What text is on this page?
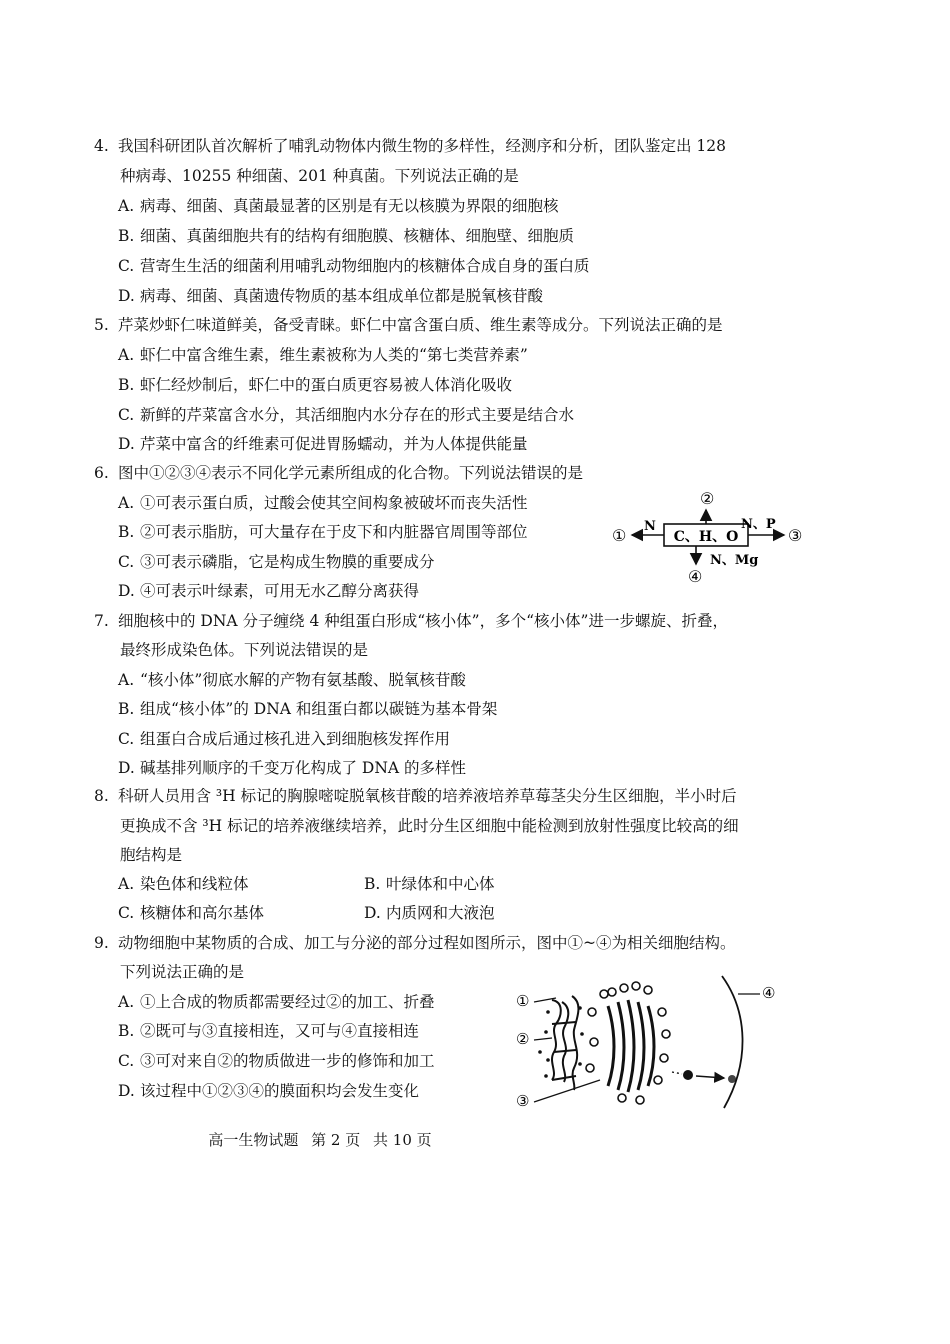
4. 我国科研团队首次解析了哺乳动物体内微生物的多样性，经测序和分析，团队鉴定出 128
种病毒、10255 种细菌、201 种真菌。下列说法正确的是
A. 病毒、细菌、真菌最显著的区别是有无以核膜为界限的细胞核
B. 细菌、真菌细胞共有的结构有细胞膜、核糖体、细胞壁、细胞质
C. 营寄生生活的细菌利用哺乳动物细胞内的核糖体合成自身的蛋白质
D. 病毒、细菌、真菌遗传物质的基本组成单位都是脱氧核苷酸
5. 芹菜炒虾仁味道鲜美，备受青睐。虾仁中富含蛋白质、维生素等成分。下列说法正确的是
A. 虾仁中富含维生素，维生素被称为人类的“第七类营养素”
B. 虾仁经炒制后，虾仁中的蛋白质更容易被人体消化吸收
C. 新鲜的芹菜富含水分，其活细胞内水分存在的形式主要是结合水
D. 芹菜中富含的纤维素可促进胃肠蠕动，并为人体提供能量
6. 图中①②③④表示不同化学元素所组成的化合物。下列说法错误的是
A. ①可表示蛋白质，过酸会使其空间构象被破坏而丧失活性
B. ②可表示脂肪，可大量存在于皮下和内脏器官周围等部位
C. ③可表示磷脂，它是构成生物膜的重要成分
D. ④可表示叶绿素，可用无水乙醇分离获得
②
C、H、O
① N	③
N、P
④
N、Mg
7. 细胞核中的 DNA 分子缠绕 4 种组蛋白形成“核小体”，多个“核小体”进一步螺旋、折叠，
最终形成染色体。下列说法错误的是
A. “核小体”彻底水解的产物有氨基酸、脱氧核苷酸
B. 组成“核小体”的 DNA 和组蛋白都以碳链为基本骨架
C. 组蛋白合成后通过核孔进入到细胞核发挥作用
D. 碱基排列顺序的千变万化构成了 DNA 的多样性
8. 科研人员用含 ³H 标记的胸腺嘧啶脱氧核苷酸的培养液培养草莓茎尖分生区细胞，半小时后
更换成不含 ³H 标记的培养液继续培养，此时分生区细胞中能检测到放射性强度比较高的细
胞结构是
A. 染色体和线粒体	B. 叶绿体和中心体
C. 核糖体和高尔基体	D. 内质网和大液泡
9. 动物细胞中某物质的合成、加工与分泌的部分过程如图所示，图中①~④为相关细胞结构。
下列说法正确的是
A. ①上合成的物质都需要经过②的加工、折叠
B. ②既可与③直接相连，又可与④直接相连
C. ③可对来自②的物质做进一步的修饰和加工
D. 该过程中①②③④的膜面积均会发生变化
①
②
③
④
高一生物试题 第 2 页 共 10 页
